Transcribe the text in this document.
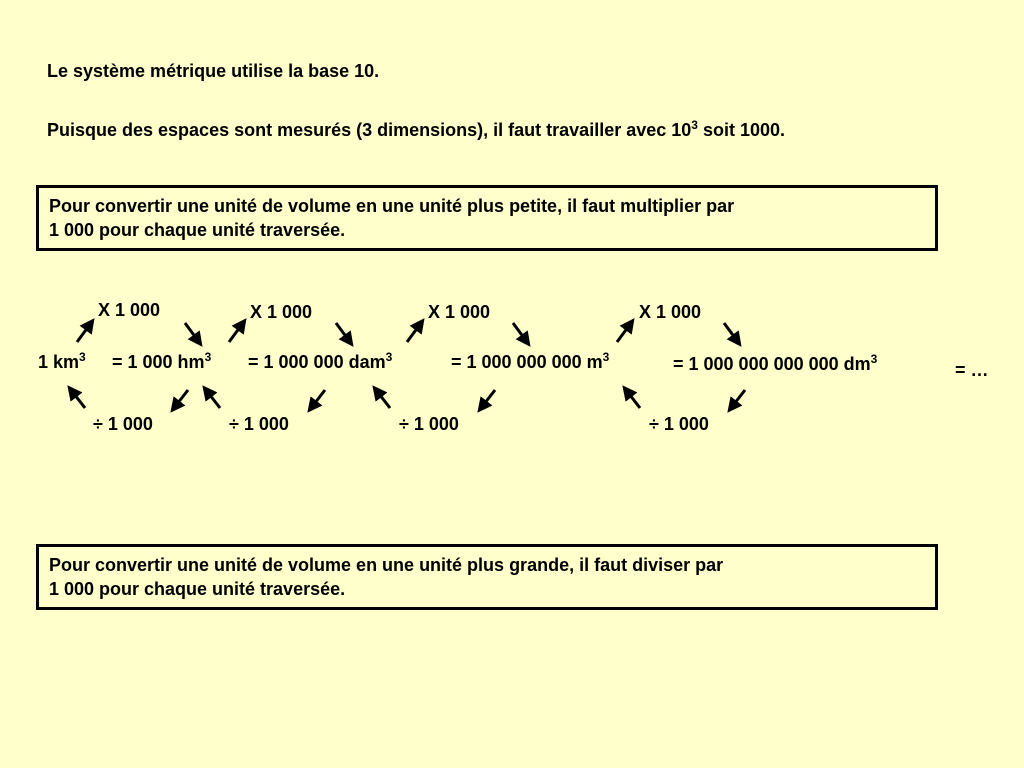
Le système métrique utilise la base 10.
Puisque des espaces sont mesurés (3 dimensions), il faut travailler avec $10^3$ soit 1000.
Pour convertir une unité de volume en une unité plus petite, il faut multiplier par
1 000 pour chaque unité traversée.
X 1 000	X 1 000	X 1 000	X 1 000
1 $km^3 = 1$ 000 $hm^3 = 1$ 000 000 dam$^3$	= 1 000 000 000 $m^3$	= 1 000 000 000 000 $dm^3$
= …
÷ 1 000	÷ 1 000	÷ 1 000	÷ 1 000
Pour convertir une unité de volume en une unité plus grande, il faut diviser par
1 000 pour chaque unité traversée.
